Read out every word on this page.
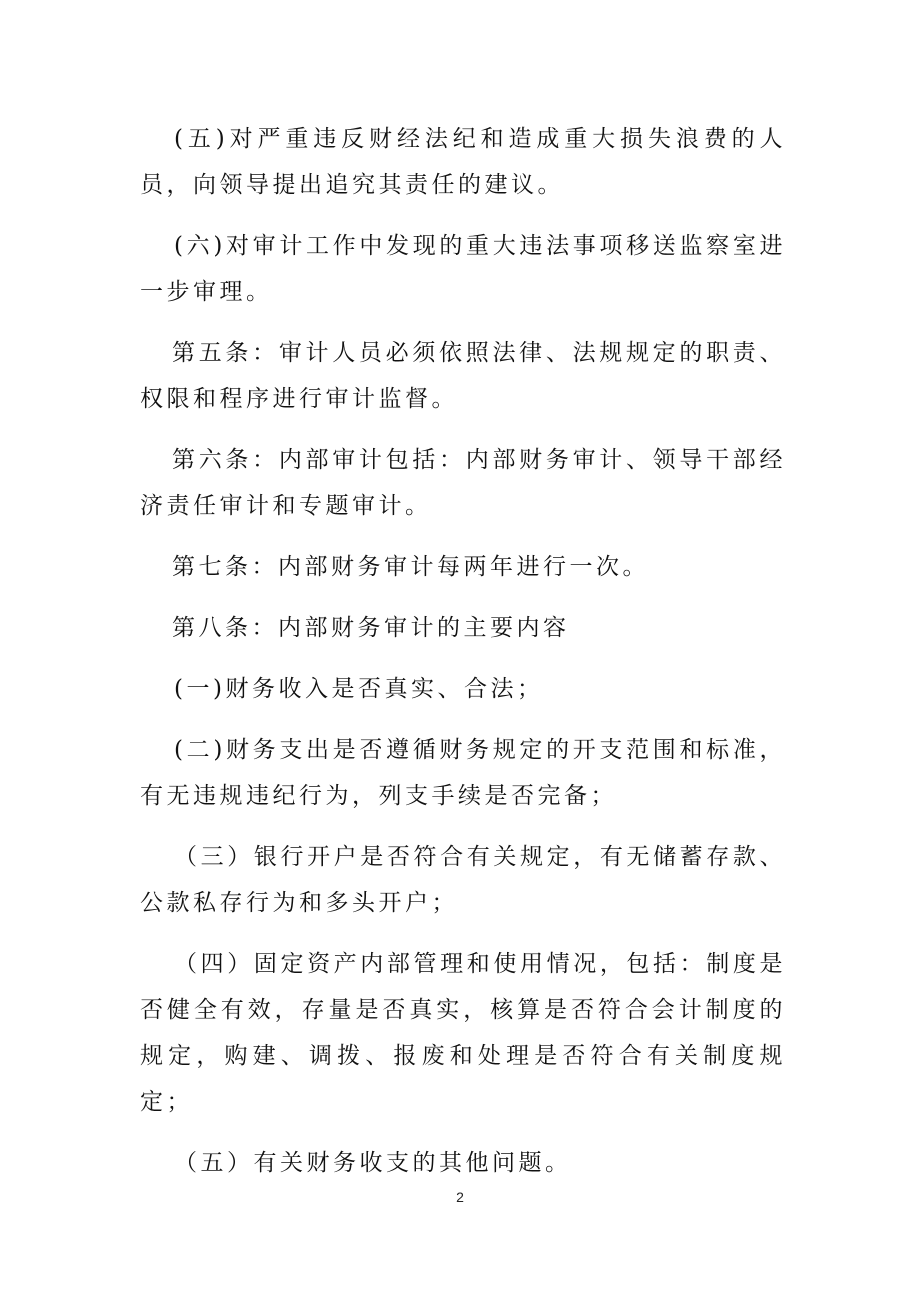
(五)对严重违反财经法纪和造成重大损失浪费的人员，向领导提出追究其责任的建议。

(六)对审计工作中发现的重大违法事项移送监察室进一步审理。

第五条：审计人员必须依照法律、法规规定的职责、权限和程序进行审计监督。

第六条：内部审计包括：内部财务审计、领导干部经济责任审计和专题审计。

第七条：内部财务审计每两年进行一次。

第八条：内部财务审计的主要内容

(一)财务收入是否真实、合法；

(二)财务支出是否遵循财务规定的开支范围和标准，有无违规违纪行为，列支手续是否完备；

（三）银行开户是否符合有关规定，有无储蓄存款、公款私存行为和多头开户；

（四）固定资产内部管理和使用情况，包括：制度是否健全有效，存量是否真实，核算是否符合会计制度的规定，购建、调拨、报废和处理是否符合有关制度规定；

（五）有关财务收支的其他问题。

2
